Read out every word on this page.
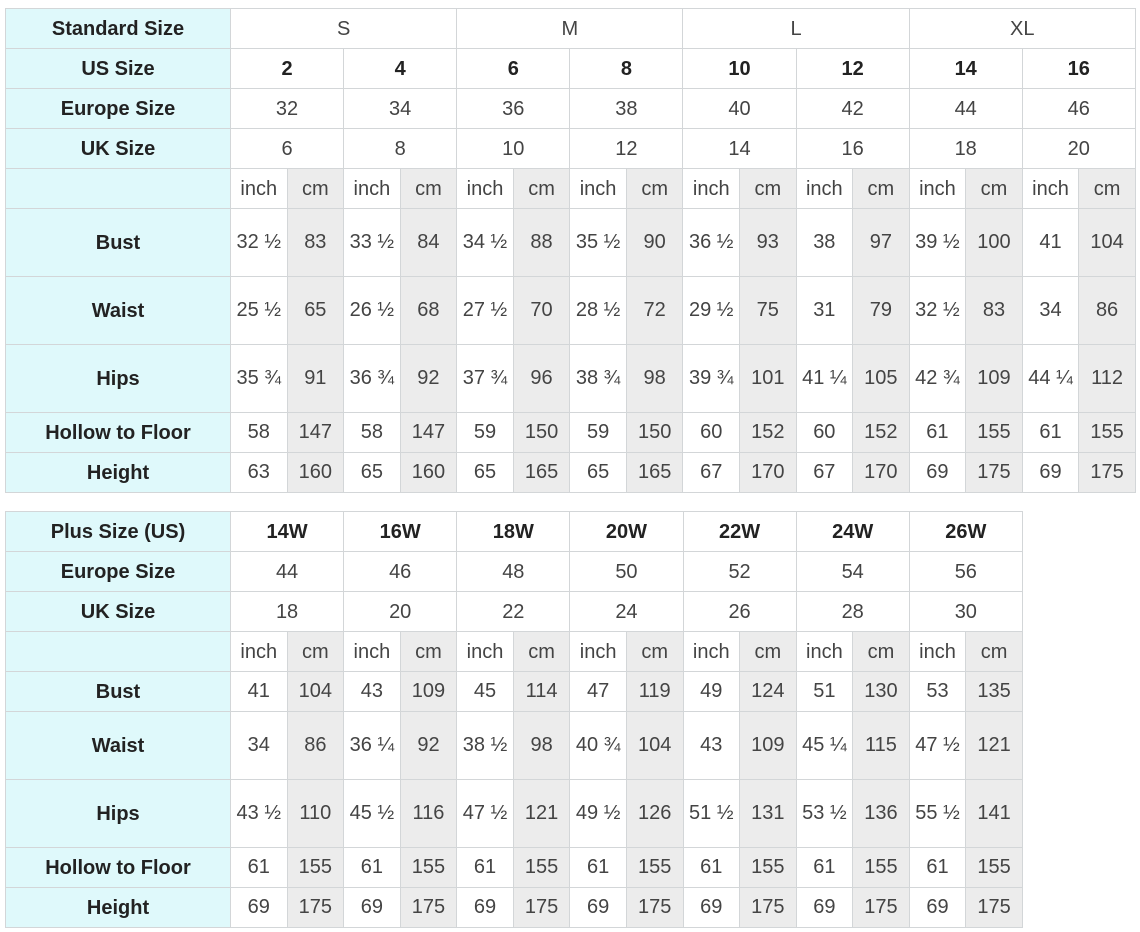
Standard Size	S				M				L				XL			
US Size	2		4		6		8		10		12		14		16	
Europe Size	32		34		36		38		40		42		44		46	
UK Size	6		8		10		12		14		16		18		20	
	inch	cm	inch	cm	inch	cm	inch	cm	inch	cm	inch	cm	inch	cm	inch	cm
Bust	32 ½	83	33 ½	84	34 ½	88	35 ½	90	36 ½	93	38	97	39 ½	100	41	104
Waist	25 ½	65	26 ½	68	27 ½	70	28 ½	72	29 ½	75	31	79	32 ½	83	34	86
Hips	35 ¾	91	36 ¾	92	37 ¾	96	38 ¾	98	39 ¾	101	41 ¼	105	42 ¾	109	44 ¼	112
Hollow to Floor	58	147	58	147	59	150	59	150	60	152	60	152	61	155	61	155
Height	63	160	65	160	65	165	65	165	67	170	67	170	69	175	69	175
Plus Size (US)	14W		16W		18W		20W		22W		24W		26W	
Europe Size	44		46		48		50		52		54		56	
UK Size	18		20		22		24		26		28		30	
	inch	cm	inch	cm	inch	cm	inch	cm	inch	cm	inch	cm	inch	cm
Bust	41	104	43	109	45	114	47	119	49	124	51	130	53	135
Waist	34	86	36 ¼	92	38 ½	98	40 ¾	104	43	109	45 ¼	115	47 ½	121
Hips	43 ½	110	45 ½	116	47 ½	121	49 ½	126	51 ½	131	53 ½	136	55 ½	141
Hollow to Floor	61	155	61	155	61	155	61	155	61	155	61	155	61	155
Height	69	175	69	175	69	175	69	175	69	175	69	175	69	175
